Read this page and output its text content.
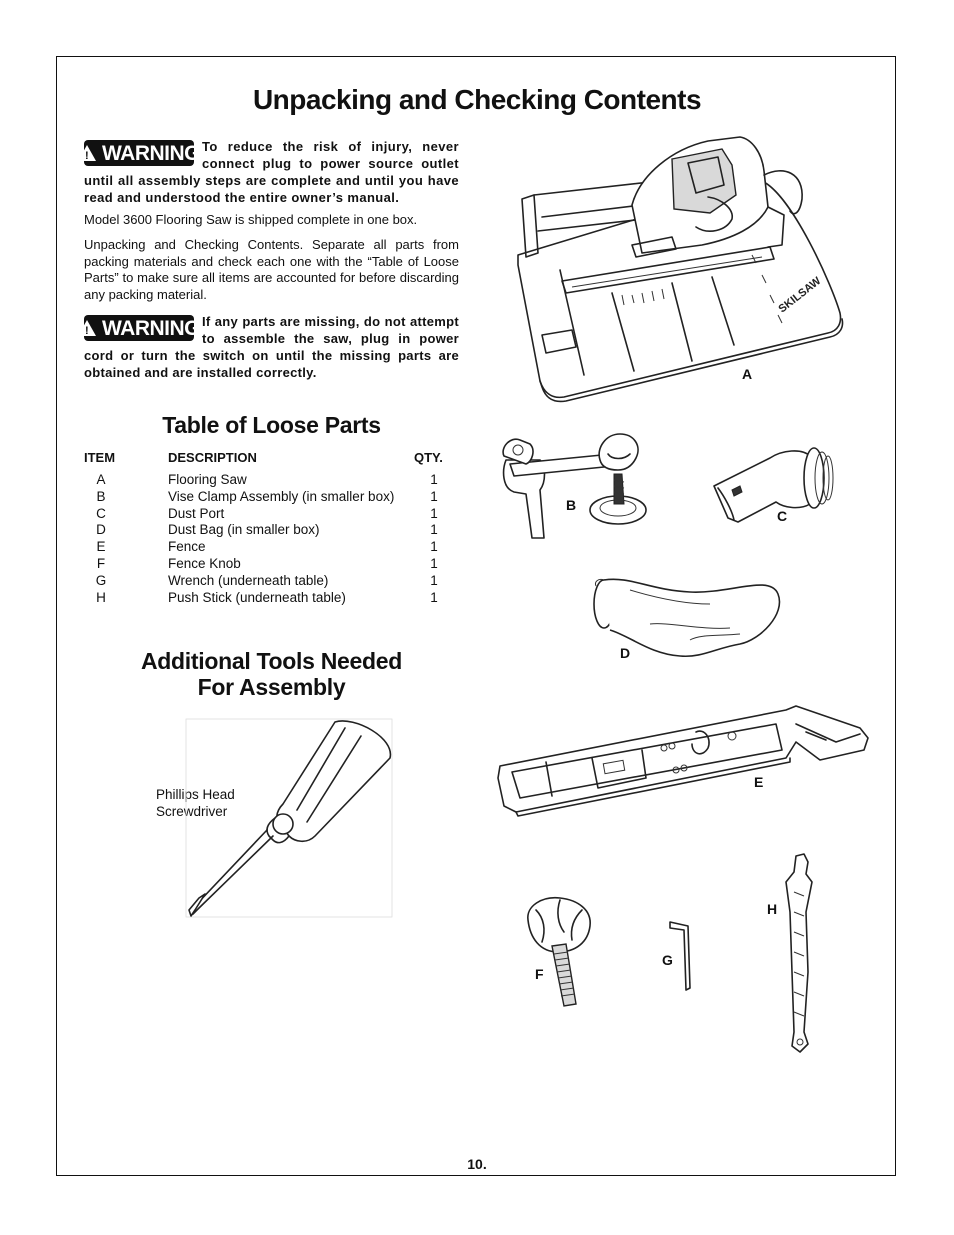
Unpacking and Checking Contents
! WARNING To reduce the risk of injury, never connect plug to power source outlet until all assembly steps are complete and until you have read and understood the entire owner’s manual.
Model 3600 Flooring Saw is shipped complete in one box.
Unpacking and Checking Contents. Separate all parts from packing materials and check each one with the “Table of Loose Parts” to make sure all items are accounted for before discarding any packing material.
! WARNING If any parts are missing, do not attempt to assemble the saw, plug in power cord or turn the switch on until the missing parts are obtained and are installed correctly.
Table of Loose Parts
ITEM	DESCRIPTION	QTY.
A	Flooring Saw	1
B	Vise Clamp Assembly (in smaller box)	1
C	Dust Port	1
D	Dust Bag (in smaller box)	1
E	Fence	1
F	Fence Knob	1
G	Wrench (underneath table)	1
H	Push Stick (underneath table)	1
Additional Tools Needed
For Assembly
Phillips Head
Screwdriver
SKILSAW
A
B
C
D
E
F
G
H
10.
